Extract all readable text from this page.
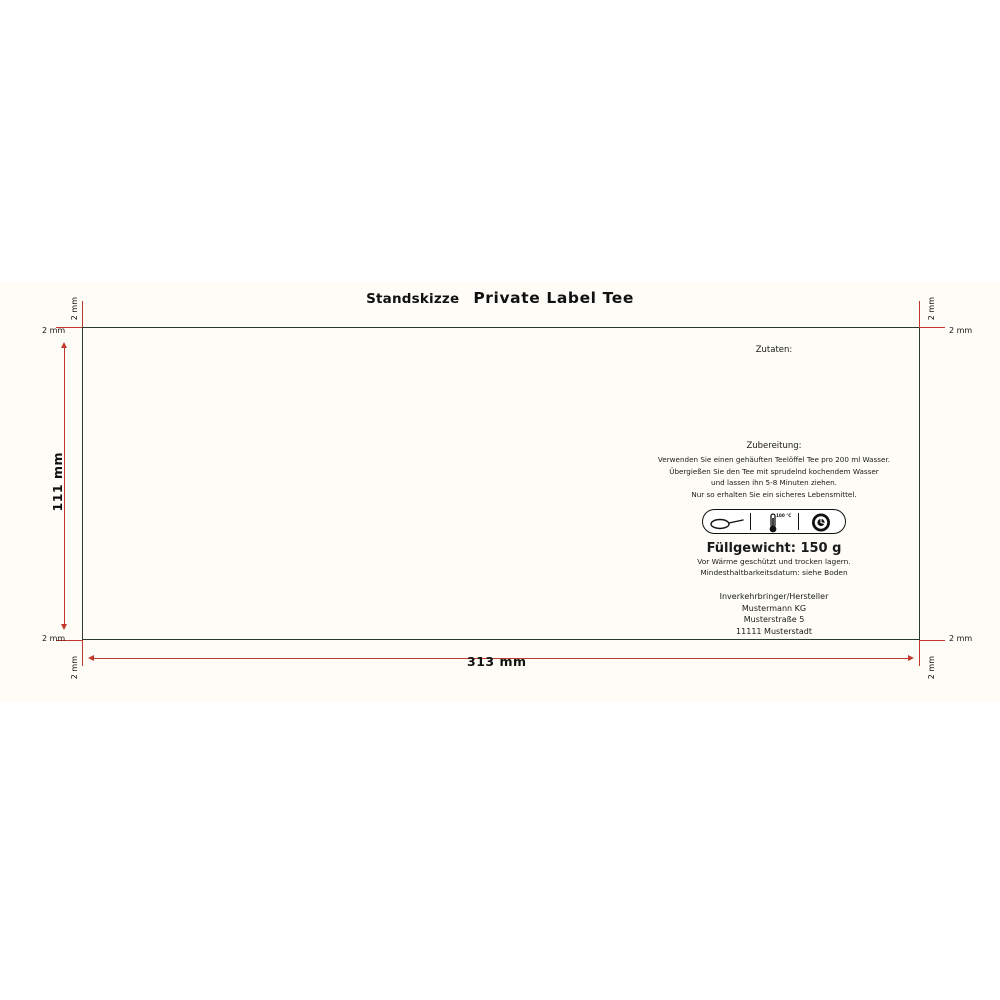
Standskizze Private Label Tee
2 mm
2 mm
2 mm
2 mm
2 mm
2 mm
2 mm
2 mm
111 mm
313 mm
Zutaten:
Zubereitung:
Verwenden Sie einen gehäuften Teelöffel Tee pro 200 ml Wasser.
Übergießen Sie den Tee mit sprudelnd kochendem Wasser
und lassen ihn 5-8 Minuten ziehen.
Nur so erhalten Sie ein sicheres Lebensmittel.
100 °C
Füllgewicht: 150 g
Vor Wärme geschützt und trocken lagern.
Mindesthaltbarkeitsdatum: siehe Boden
Inverkehrbringer/Hersteller
Mustermann KG
Musterstraße 5
11111 Musterstadt
